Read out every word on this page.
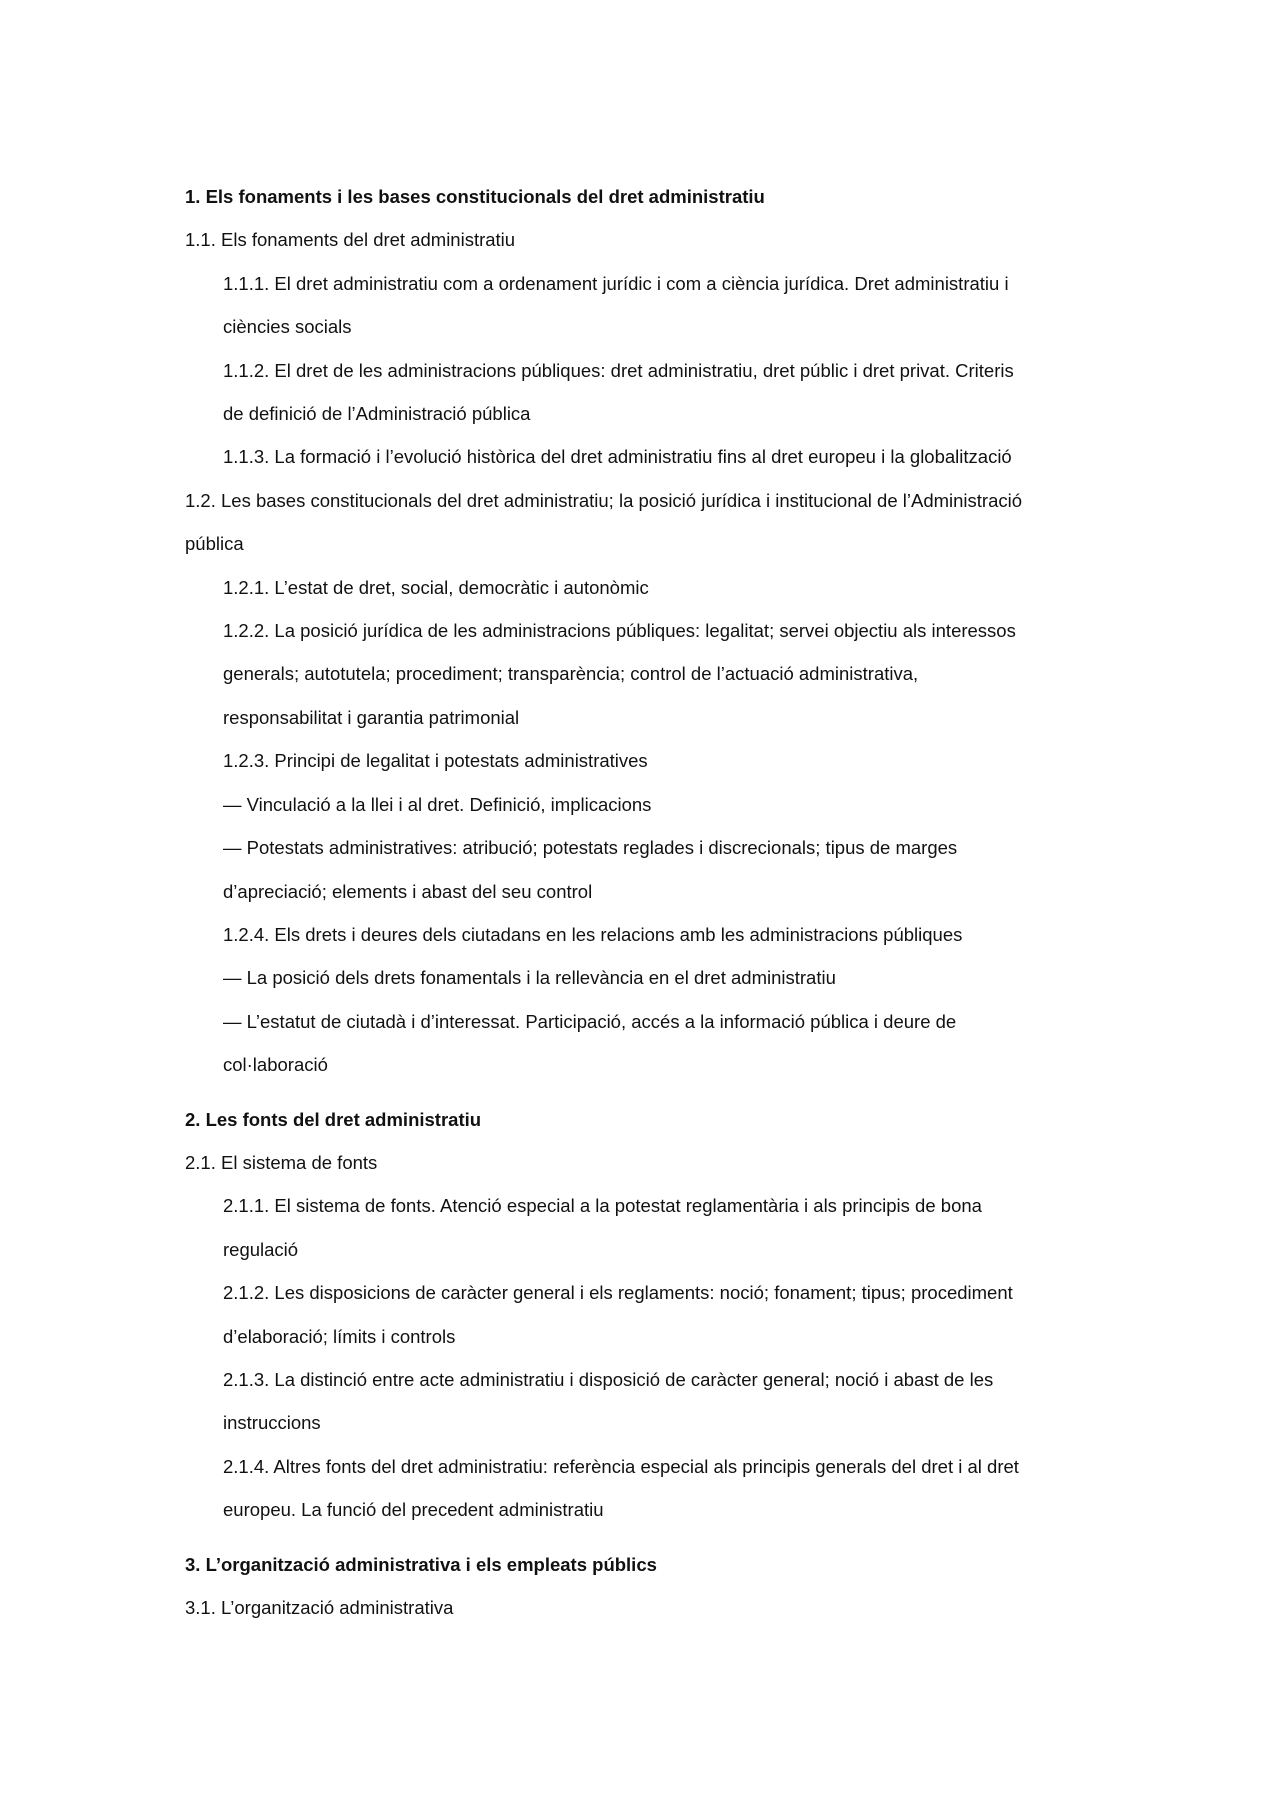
1. Els fonaments i les bases constitucionals del dret administratiu

1.1. Els fonaments del dret administratiu

1.1.1. El dret administratiu com a ordenament jurídic i com a ciència jurídica. Dret administratiu i

ciències socials

1.1.2. El dret de les administracions públiques: dret administratiu, dret públic i dret privat. Criteris

de definició de l’Administració pública

1.1.3. La formació i l’evolució històrica del dret administratiu fins al dret europeu i la globalització

1.2. Les bases constitucionals del dret administratiu; la posició jurídica i institucional de l’Administració

pública

1.2.1. L’estat de dret, social, democràtic i autonòmic

1.2.2. La posició jurídica de les administracions públiques: legalitat; servei objectiu als interessos

generals; autotutela; procediment; transparència; control de l’actuació administrativa,

responsabilitat i garantia patrimonial

1.2.3. Principi de legalitat i potestats administratives

— Vinculació a la llei i al dret. Definició, implicacions

— Potestats administratives: atribució; potestats reglades i discrecionals; tipus de marges

d’apreciació; elements i abast del seu control

1.2.4. Els drets i deures dels ciutadans en les relacions amb les administracions públiques

— La posició dels drets fonamentals i la rellevància en el dret administratiu

— L’estatut de ciutadà i d’interessat. Participació, accés a la informació pública i deure de

col·laboració

2. Les fonts del dret administratiu

2.1. El sistema de fonts

2.1.1. El sistema de fonts. Atenció especial a la potestat reglamentària i als principis de bona

regulació

2.1.2. Les disposicions de caràcter general i els reglaments: noció; fonament; tipus; procediment

d’elaboració; límits i controls

2.1.3. La distinció entre acte administratiu i disposició de caràcter general; noció i abast de les

instruccions

2.1.4. Altres fonts del dret administratiu: referència especial als principis generals del dret i al dret

europeu. La funció del precedent administratiu

3. L’organització administrativa i els empleats públics

3.1. L’organització administrativa
